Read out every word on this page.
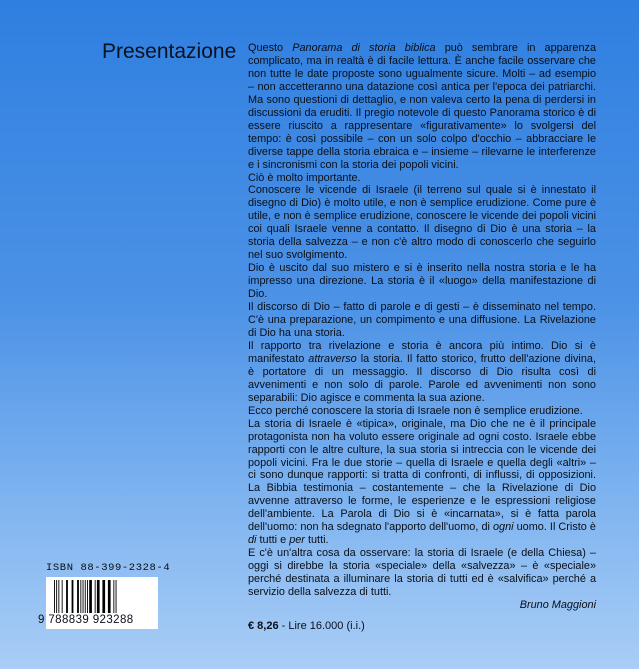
Presentazione Questo Panorama di storia biblica può sembrare in apparenza complicato, ma in realtà è di facile lettura. È anche facile osservare che non tutte le date proposte sono ugualmente sicure. Molti – ad esempio – non accetteranno una datazione così antica per l'epoca dei patriarchi. Ma sono questioni di dettaglio, e non valeva certo la pena di perdersi in discussioni da eruditi. Il pregio notevole di questo Panorama storico è di essere riuscito a rappresentare «figurativamente» lo svolgersi del tempo: è così possibile – con un solo colpo d'occhio – abbracciare le diverse tappe della storia ebraica e – insieme – rilevarne le interferenze e i sincronismi con la storia dei popoli vicini.

Ciò è molto importante.

Conoscere le vicende di Israele (il terreno sul quale si è innestato il disegno di Dio) è molto utile, e non è semplice erudizione. Come pure è utile, e non è semplice erudizione, conoscere le vicende dei popoli vicini coi quali Israele venne a contatto. Il disegno di Dio è una storia – la storia della salvezza – e non c'è altro modo di conoscerlo che seguirlo nel suo svolgimento.

Dio è uscito dal suo mistero e si è inserito nella nostra storia e le ha impresso una direzione. La storia è il «luogo» della manifestazione di Dio.

Il discorso di Dio – fatto di parole e di gesti – è disseminato nel tempo. C'è una preparazione, un compimento e una diffusione. La Rivelazione di Dio ha una storia.

Il rapporto tra rivelazione e storia è ancora più intimo. Dio si è manifestato attraverso la storia. Il fatto storico, frutto dell'azione divina, è portatore di un messaggio. Il discorso di Dio risulta così di avvenimenti e non solo di parole. Parole ed avvenimenti non sono separabili: Dio agisce e commenta la sua azione.

Ecco perché conoscere la storia di Israele non è semplice erudizione.

La storia di Israele è «tipica», originale, ma Dio che ne è il principale protagonista non ha voluto essere originale ad ogni costo. Israele ebbe rapporti con le altre culture, la sua storia si intreccia con le vicende dei popoli vicini. Fra le due storie – quella di Israele e quella degli «altri» – ci sono dunque rapporti: si tratta di confronti, di influssi, di opposizioni. La Bibbia testimonia – costantemente – che la Rivelazione di Dio avvenne attraverso le forme, le esperienze e le espressioni religiose dell'ambiente. La Parola di Dio si è «incarnata», si è fatta parola dell'uomo: non ha sdegnato l'apporto dell'uomo, di ogni uomo. Il Cristo è di tutti e per tutti.

E c'è un'altra cosa da osservare: la storia di Israele (e della Chiesa) – oggi si direbbe la storia «speciale» della «salvezza» – è «speciale» perché destinata a illuminare la storia di tutti ed è «salvifica» perché a servizio della salvezza di tutti.

Bruno Maggioni

ISBN 88-399-2328-4
9 788839 923288	€ 8,26 - Lire 16.000 (i.i.)
